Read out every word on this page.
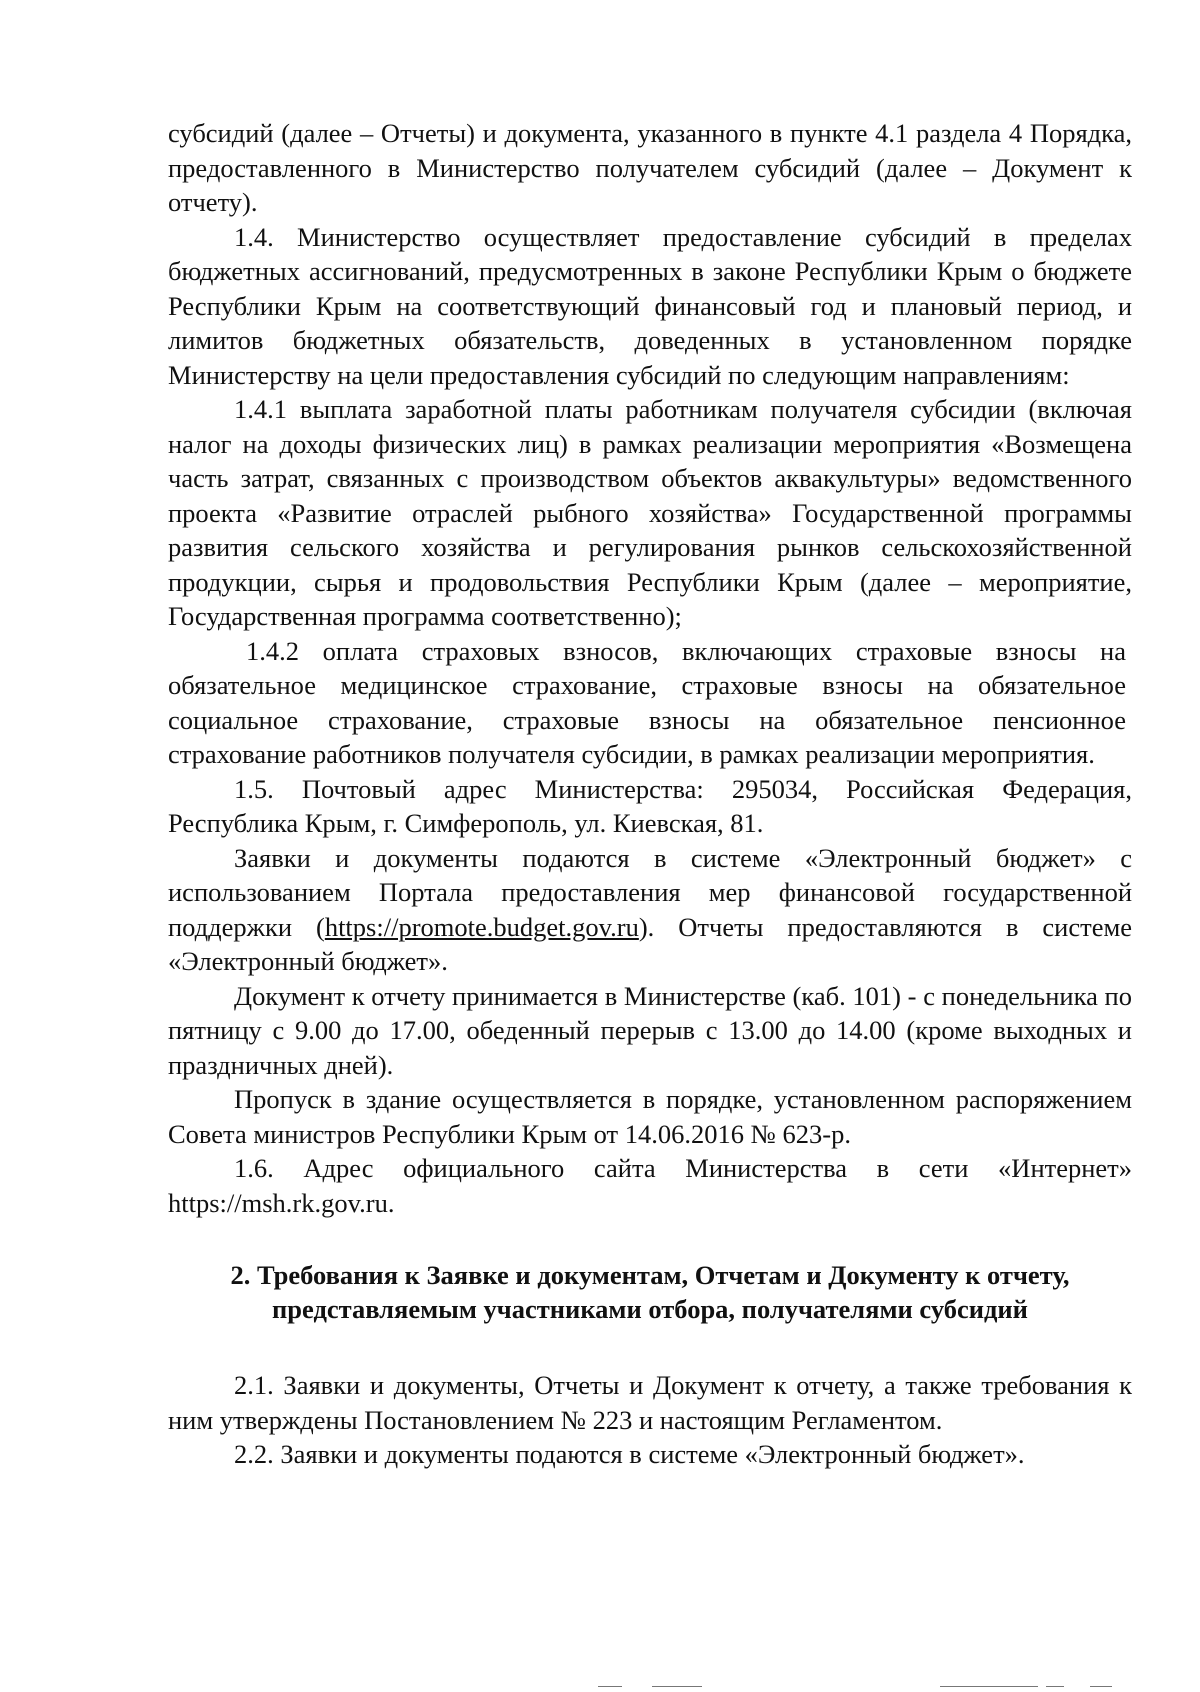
субсидий (далее – Отчеты) и документа, указанного в пункте 4.1 раздела 4 Порядка, предоставленного в Министерство получателем субсидий (далее – Документ к отчету).

1.4. Министерство осуществляет предоставление субсидий в пределах бюджетных ассигнований, предусмотренных в законе Республики Крым о бюджете Республики Крым на соответствующий финансовый год и плановый период, и лимитов бюджетных обязательств, доведенных в установленном порядке Министерству на цели предоставления субсидий по следующим направлениям:

1.4.1 выплата заработной платы работникам получателя субсидии (включая налог на доходы физических лиц) в рамках реализации мероприятия «Возмещена часть затрат, связанных с производством объектов аквакультуры» ведомственного проекта «Развитие отраслей рыбного хозяйства» Государственной программы развития сельского хозяйства и регулирования рынков сельскохозяйственной продукции, сырья и продовольствия Республики Крым (далее – мероприятие, Государственная программа соответственно);

1.4.2 оплата страховых взносов, включающих страховые взносы на обязательное медицинское страхование, страховые взносы на обязательное социальное страхование, страховые взносы на обязательное пенсионное страхование работников получателя субсидии, в рамках реализации мероприятия.

1.5. Почтовый адрес Министерства: 295034, Российская Федерация, Республика Крым, г. Симферополь, ул. Киевская, 81.

Заявки и документы подаются в системе «Электронный бюджет» с использованием Портала предоставления мер финансовой государственной поддержки (https://promote.budget.gov.ru). Отчеты предоставляются в системе «Электронный бюджет».

Документ к отчету принимается в Министерстве (каб. 101) - с понедельника по пятницу с 9.00 до 17.00, обеденный перерыв с 13.00 до 14.00 (кроме выходных и праздничных дней).

Пропуск в здание осуществляется в порядке, установленном распоряжением Совета министров Республики Крым от 14.06.2016 № 623-р.

1.6. Адрес официального сайта Министерства в сети «Интернет» https://msh.rk.gov.ru.

2. Требования к Заявке и документам, Отчетам и Документу к отчету,
представляемым участниками отбора, получателями субсидий

2.1. Заявки и документы, Отчеты и Документ к отчету, а также требования к ним утверждены Постановлением № 223 и настоящим Регламентом.

2.2. Заявки и документы подаются в системе «Электронный бюджет».
